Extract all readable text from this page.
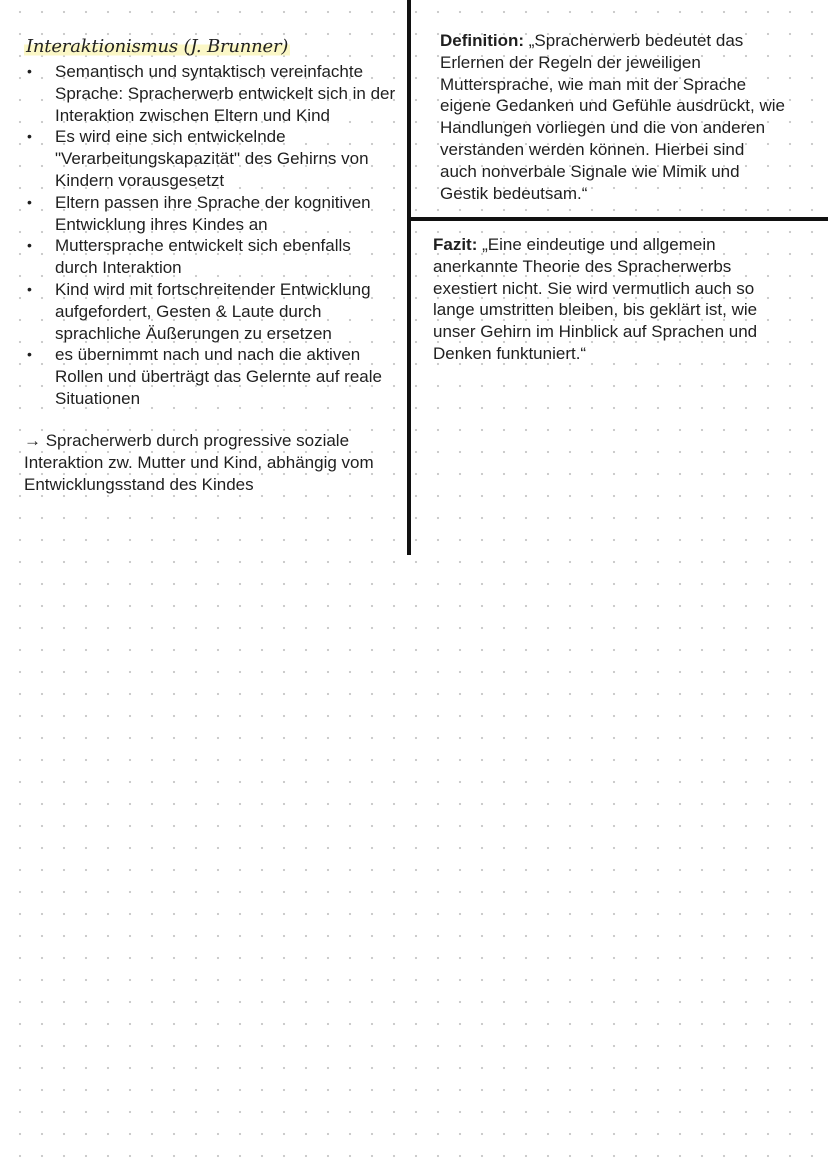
Interaktionismus (J. Brunner)
• Semantisch und syntaktisch vereinfachte Sprache: Spracherwerb entwickelt sich in der Interaktion zwischen Eltern und Kind
• Es wird eine sich entwickelnde "Verarbeitungskapazität" des Gehirns von Kindern vorausgesetzt
• Eltern passen ihre Sprache der kognitiven Entwicklung ihres Kindes an
• Muttersprache entwickelt sich ebenfalls durch Interaktion
• Kind wird mit fortschreitender Entwicklung aufgefordert, Gesten & Laute durch sprachliche Äußerungen zu ersetzen
• es übernimmt nach und nach die aktiven Rollen und überträgt das Gelernte auf reale Situationen

→ Spracherwerb durch progressive soziale Interaktion zw. Mutter und Kind, abhängig vom Entwicklungsstand des Kindes

Definition: „Spracherwerb bedeutet das Erlernen der Regeln der jeweiligen Muttersprache, wie man mit der Sprache eigene Gedanken und Gefühle ausdrückt, wie Handlungen vorliegen und die von anderen verstanden werden können. Hierbei sind auch nonverbale Signale wie Mimik und Gestik bedeutsam.“
Fazit: „Eine eindeutige und allgemein anerkannte Theorie des Spracherwerbs exestiert nicht. Sie wird vermutlich auch so lange umstritten bleiben, bis geklärt ist, wie unser Gehirn im Hinblick auf Sprachen und Denken funktuniert.“
